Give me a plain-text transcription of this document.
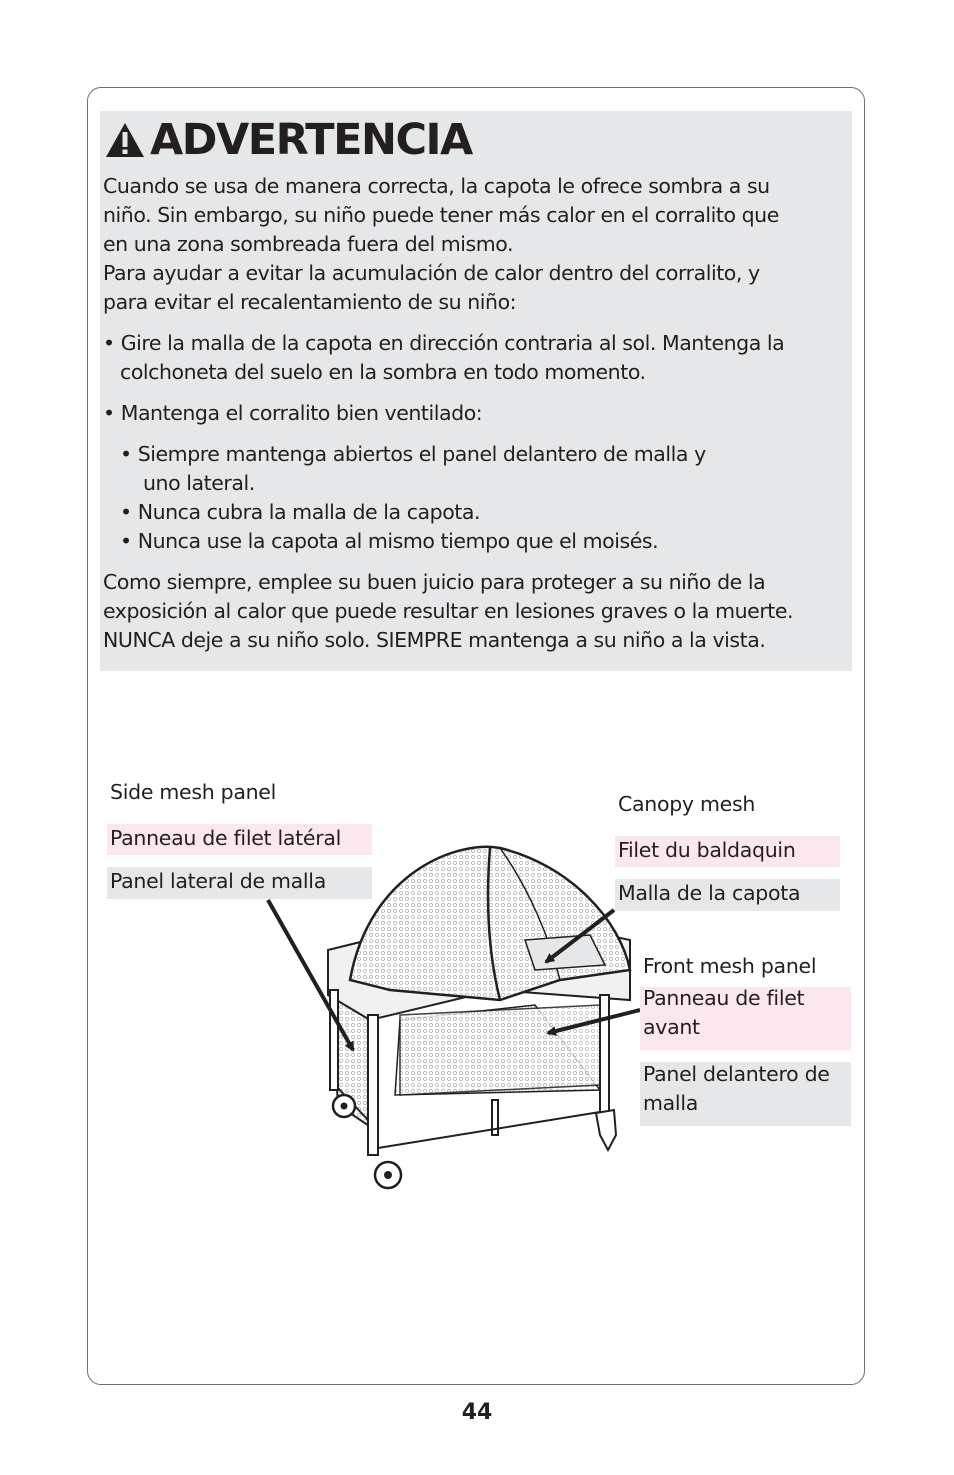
ADVERTENCIA
Cuando se usa de manera correcta, la capota le ofrece sombra a su
niño. Sin embargo, su niño puede tener más calor en el corralito que
en una zona sombreada fuera del mismo.
Para ayudar a evitar la acumulación de calor dentro del corralito, y
para evitar el recalentamiento de su niño:
• Gire la malla de la capota en dirección contraria al sol. Mantenga la
colchoneta del suelo en la sombra en todo momento.
• Mantenga el corralito bien ventilado:
• Siempre mantenga abiertos el panel delantero de malla y
uno lateral.
• Nunca cubra la malla de la capota.
• Nunca use la capota al mismo tiempo que el moisés.
Como siempre, emplee su buen juicio para proteger a su niño de la
exposición al calor que puede resultar en lesiones graves o la muerte.
NUNCA deje a su niño solo. SIEMPRE mantenga a su niño a la vista.
Side mesh panel
Panneau de filet latéral
Panel lateral de malla
Canopy mesh
Filet du baldaquin
Malla de la capota
Front mesh panel
Panneau de filet
avant
Panel delantero de
malla
44
